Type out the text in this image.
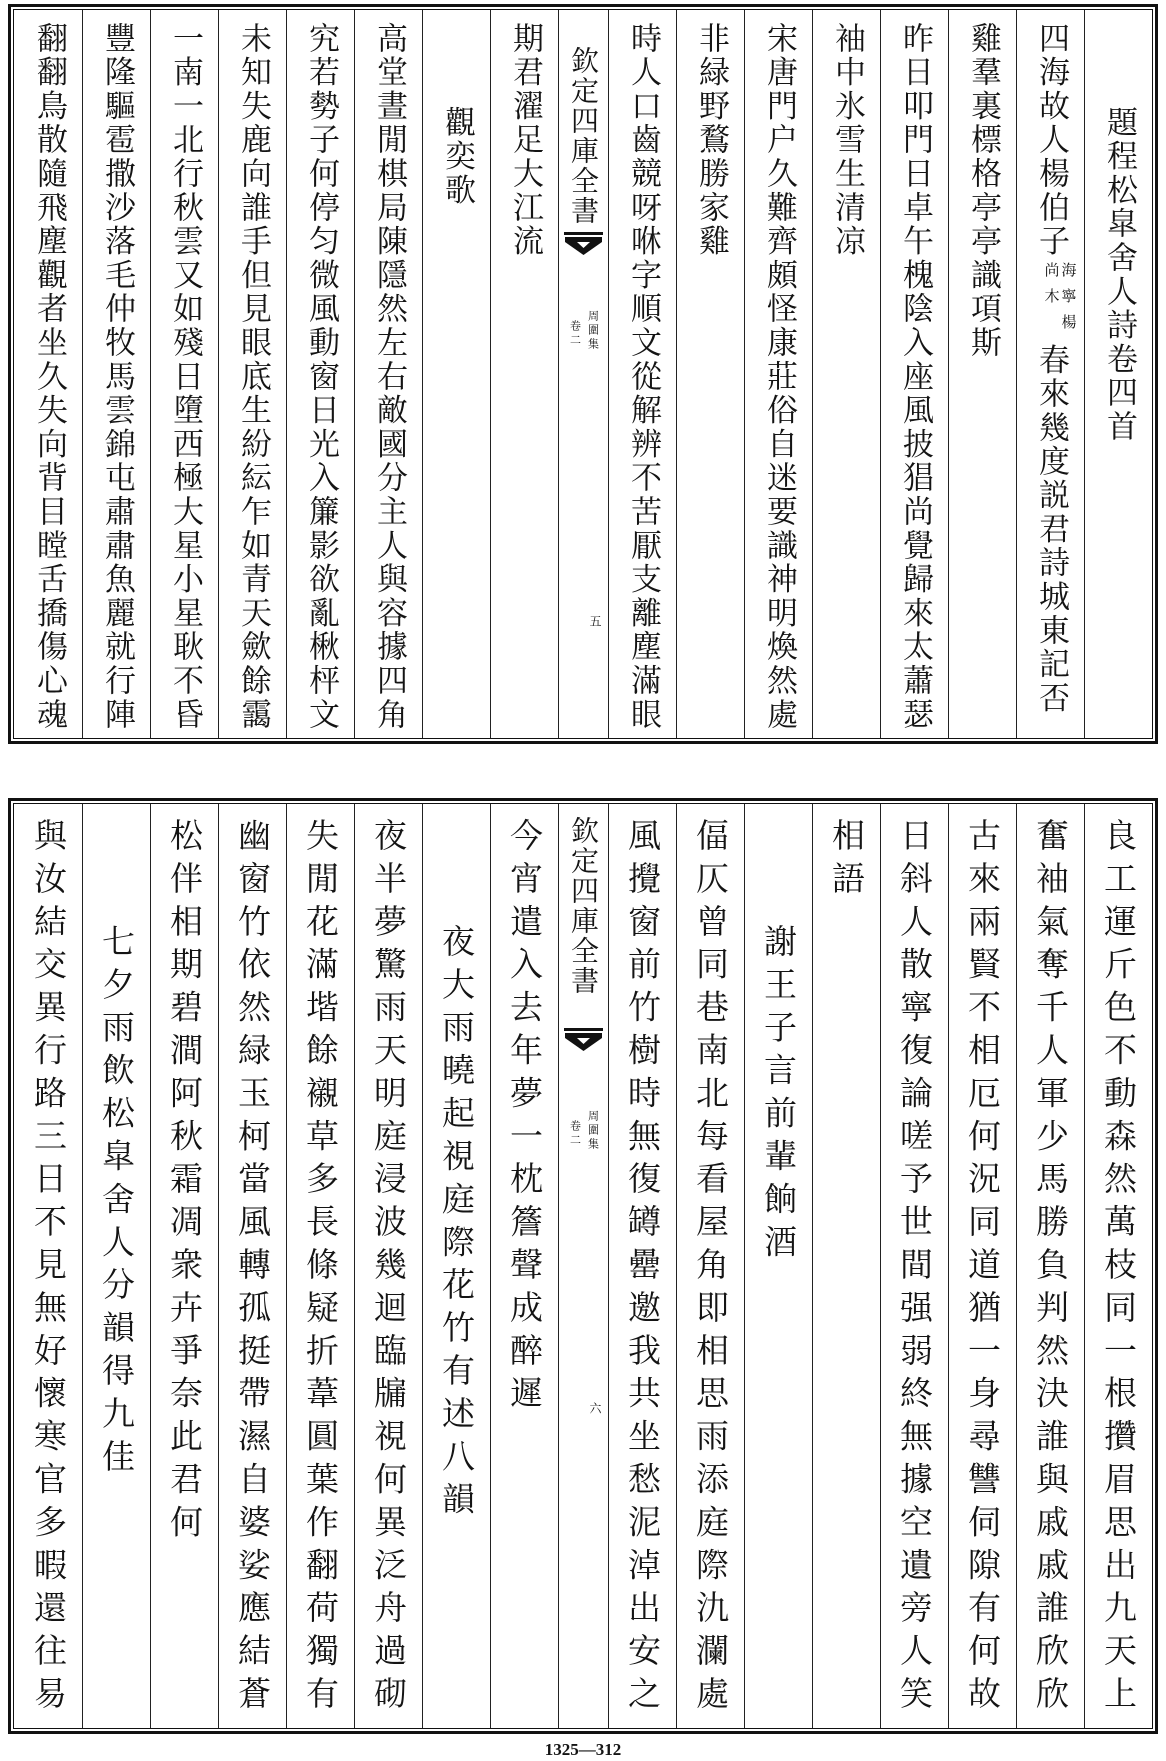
題程松皐舍人詩卷四首
四海故人楊伯子
海寧楊
尚木
春來幾度説君詩城東記否
雞羣裏標格亭亭識項斯
昨日叩門日卓午槐陰入座風披猖尚覺歸來太蕭瑟
袖中氷雪生清凉
宋唐門户久難齊頗怪康莊俗自迷要識神明煥然處
非緑野鶩勝家雞
時人口齒競呀咻字順文從解辨不苦厭支離塵滿眼
欽定四庫全書
周圍集
卷二
五
期君濯足大江流
觀奕歌
高堂晝閒棋局陳隱然左右敵國分主人與容據四角
究若勢子何停匀微風動窗日光入簾影欲亂楸枰文
未知失鹿向誰手但見眼底生紛紜乍如青天歛餘靄
一南一北行秋雲又如殘日墮西極大星小星耿不昏
豐隆驅雹撒沙落毛仲牧馬雲錦屯肅肅魚麗就行陣
翻翻鳥散隨飛塵觀者坐久失向背目瞠舌撟傷心魂
良工運斤色不動森然萬枝同一根攢眉思出九天上
奮袖氣奪千人軍少馬勝負判然決誰與戚戚誰欣欣
古來兩賢不相厄何況同道猶一身尋讐伺隙有何故
日斜人散寧復論嗟予世間强弱終無據空遺旁人笑
相語
謝王子言前輩餉酒
偪仄曾同巷南北每看屋角即相思雨添庭際氿瀾處
風攪窗前竹樹時無復罇罍邀我共坐愁泥淖出安之
欽定四庫全書
周圍集
卷二
六
今宵遣入去年夢一枕簷聲成醉遲
夜大雨曉起視庭際花竹有述八韻
夜半夢驚雨天明庭浸波幾迴臨牖視何異泛舟過砌
失閒花滿堦餘襯草多長條疑折葦圓葉作翻荷獨有
幽窗竹依然緑玉柯當風轉孤挺帶濕自婆娑應結蒼
松伴相期碧澗阿秋霜凋衆卉爭奈此君何
七夕雨飲松皐舍人分韻得九佳
與汝結交異行路三日不見無好懷寒官多暇還往易
1325—312
